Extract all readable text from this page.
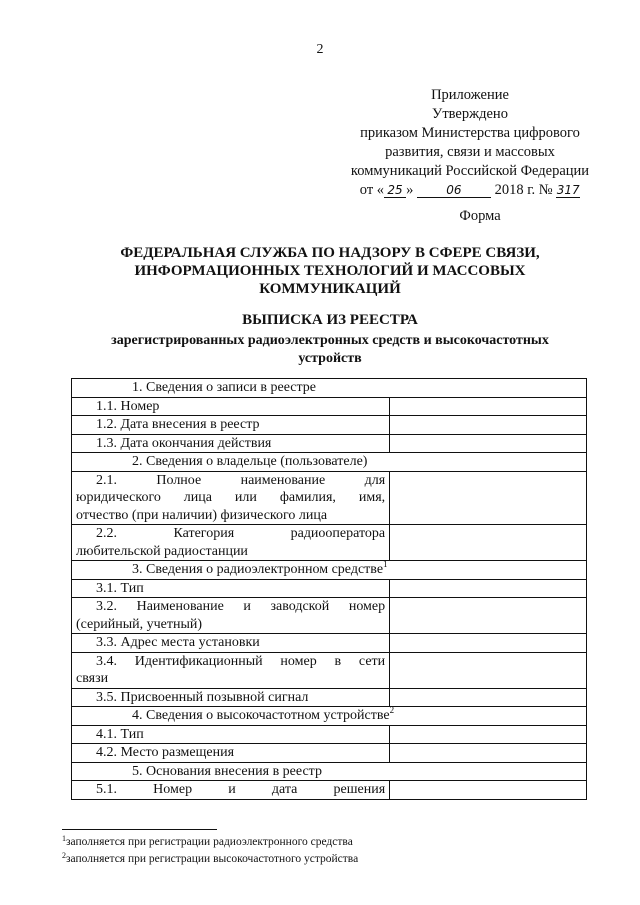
2
Приложение
Утверждено
приказом Министерства цифрового
развития, связи и массовых
коммуникаций Российской Федерации
от « 25 »	06 2018 г. № 317
Форма
ФЕДЕРАЛЬНАЯ СЛУЖБА ПО НАДЗОРУ В СФЕРЕ СВЯЗИ,
ИНФОРМАЦИОННЫХ ТЕХНОЛОГИЙ И МАССОВЫХ
КОММУНИКАЦИЙ
ВЫПИСКА ИЗ РЕЕСТРА
зарегистрированных радиоэлектронных средств и высокочастотных
устройств
1. Сведения о записи в реестре	
1.1. Номер	
1.2. Дата внесения в реестр	
1.3. Дата окончания действия	
2. Сведения о владельце (пользователе)	

2.1. Полное наименование для
юридического лица или фамилия, имя,
отчество (при наличии) физического лица	

2.2. Категория радиооператора
любительской радиостанции	

3. Сведения о радиоэлектронном средстве$^1$
3.1. Тип	

3.2. Наименование и заводской номер
(серийный, учетный)	

3.3. Адрес места установки	

3.4. Идентификационный номер в сети
связи	

3.5. Присвоенный позывной сигнал	
4. Сведения о высокочастотном устройстве$^2$
4.1. Тип	
4.2. Место размещения	
5. Основания внесения в реестр	

5.1. Номер и дата решения	

$^1$заполняется при регистрации радиоэлектронного средства
$^2$заполняется при регистрации высокочастотного устройства
